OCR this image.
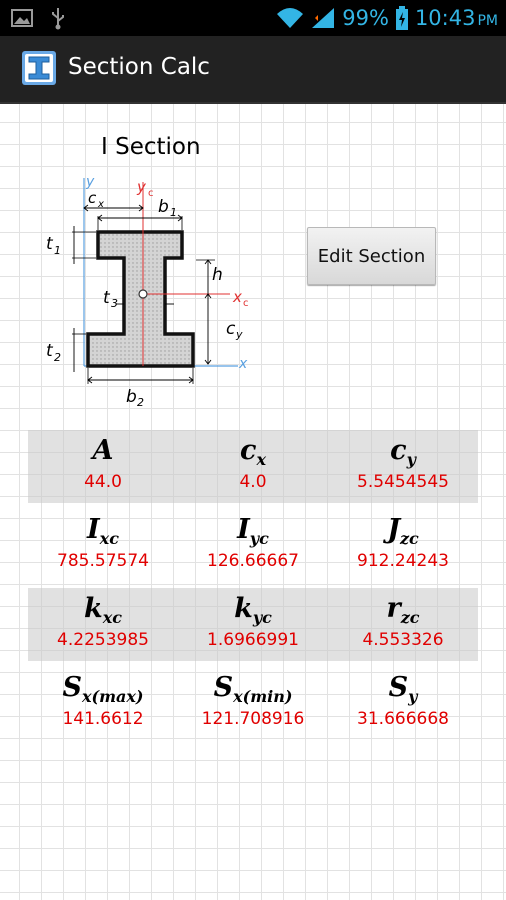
99% 10:43 PM
Section Calc
I Section
y
x
y c
x c
c x	b 1
t 1
h
c y
t 3
t 2
b 2
Edit Section
A
44.0
$c_x$
4.0
$c_y$
5.5454545
$I_{xc}$
785.57574
$I_{yc}$
126.66667
$J_{zc}$
912.24243
$k_{xc}$
4.2253985
$k_{yc}$
1.6966991
$r_{zc}$
4.553326
$S_{x(max)}$
141.6612
$S_{x(min)}$
121.708916
$S_y$
31.666668
